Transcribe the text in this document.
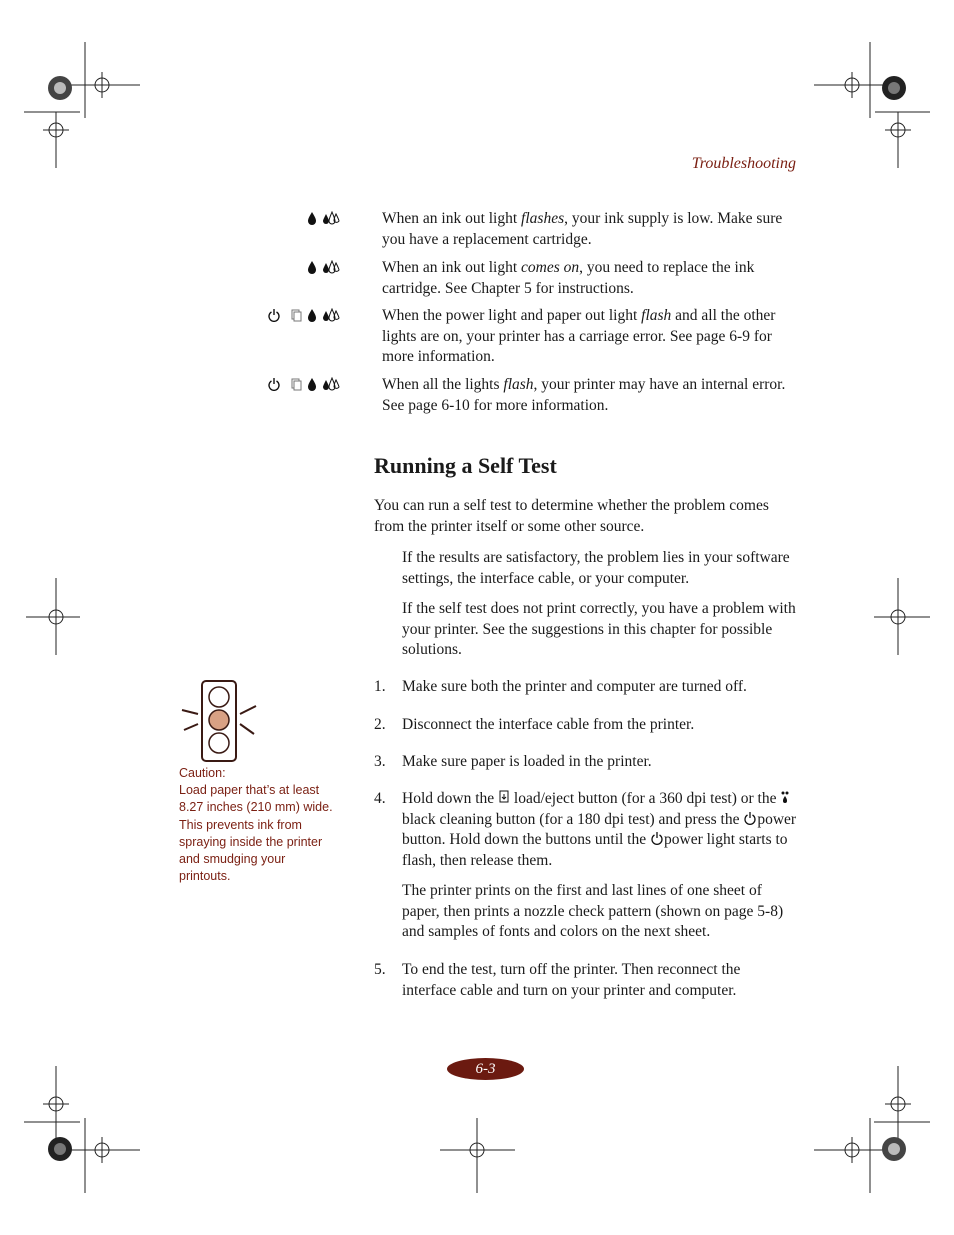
Troubleshooting
When an ink out light flashes, your ink supply is low. Make sure you have a replacement cartridge.
When an ink out light comes on, you need to replace the ink cartridge. See Chapter 5 for instructions.
When the power light and paper out light flash and all the other lights are on, your printer has a carriage error. See page 6-9 for more information.
When all the lights flash, your printer may have an internal error. See page 6-10 for more information.
Running a Self Test
You can run a self test to determine whether the problem comes from the printer itself or some other source.
If the results are satisfactory, the problem lies in your software settings, the interface cable, or your computer.
If the self test does not print correctly, you have a problem with your printer. See the suggestions in this chapter for possible solutions.
1. Make sure both the printer and computer are turned off.
2. Disconnect the interface cable from the printer.
3. Make sure paper is loaded in the printer.
4. Hold down the load/eject button (for a 360 dpi test) or the  black cleaning button (for a 180 dpi test) and press the power button. Hold down the buttons until the power light starts to flash, then release them.
The printer prints on the first and last lines of one sheet of paper, then prints a nozzle check pattern (shown on page 5-8) and samples of fonts and colors on the next sheet.
5. To end the test, turn off the printer. Then reconnect the interface cable and turn on your printer and computer.
Caution:
Load paper that’s at least 8.27 inches (210 mm) wide. This prevents ink from spraying inside the printer and smudging your printouts.
6-3
